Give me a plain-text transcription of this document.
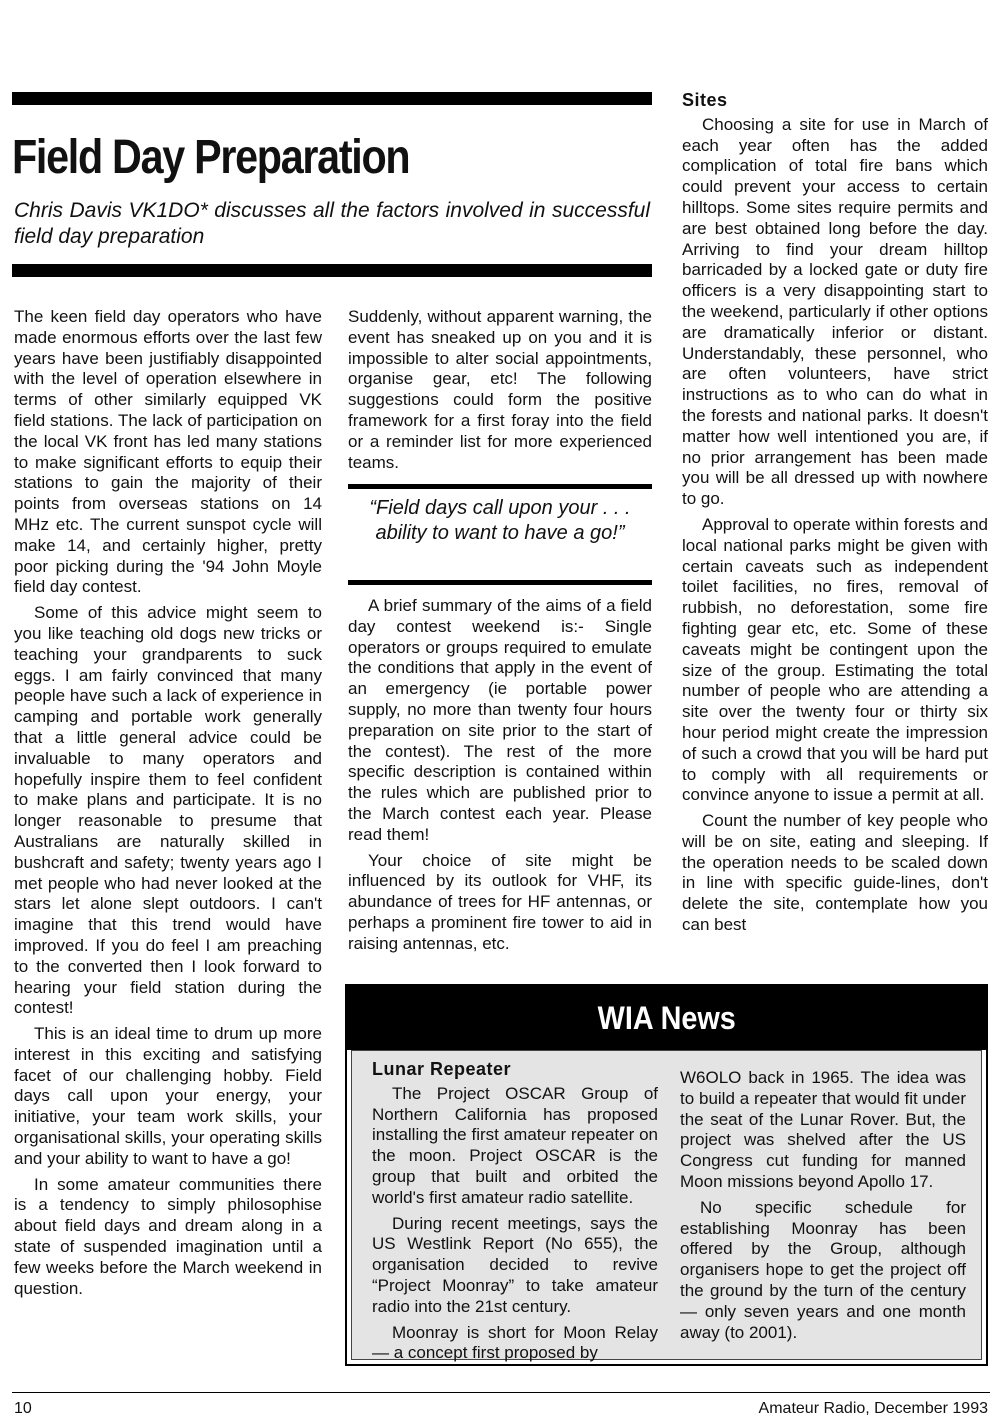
Field Day Preparation
Chris Davis VK1DO* discusses all the factors involved in successful field day preparation

The keen field day operators who have made enormous efforts over the last few years have been justifiably disappointed with the level of operation elsewhere in terms of other similarly equipped VK field stations. The lack of participation on the local VK front has led many stations to make significant efforts to equip their stations to gain the majority of their points from overseas stations on 14 MHz etc. The current sunspot cycle will make 14, and certainly higher, pretty poor picking during the '94 John Moyle field day contest.

Some of this advice might seem to you like teaching old dogs new tricks or teaching your grandparents to suck eggs. I am fairly convinced that many people have such a lack of experience in camping and portable work generally that a little general advice could be invaluable to many operators and hopefully inspire them to feel confident to make plans and participate. It is no longer reasonable to presume that Australians are naturally skilled in bushcraft and safety; twenty years ago I met people who had never looked at the stars let alone slept outdoors. I can't imagine that this trend would have improved. If you do feel I am preaching to the converted then I look forward to hearing your field station during the contest!

This is an ideal time to drum up more interest in this exciting and satisfying facet of our challenging hobby. Field days call upon your energy, your initiative, your team work skills, your organisational skills, your operating skills and your ability to want to have a go!

In some amateur communities there is a tendency to simply philosophise about field days and dream along in a state of suspended imagination until a few weeks before the March weekend in question.

Suddenly, without apparent warning, the event has sneaked up on you and it is impossible to alter social appointments, organise gear, etc! The following suggestions could form the positive framework for a first foray into the field or a reminder list for more experienced teams.

“Field days call upon your . . . ability to want to have a go!”

A brief summary of the aims of a field day contest weekend is:- Single operators or groups required to emulate the conditions that apply in the event of an emergency (ie portable power supply, no more than twenty four hours preparation on site prior to the start of the contest). The rest of the more specific description is contained within the rules which are published prior to the March contest each year. Please read them!

Your choice of site might be influenced by its outlook for VHF, its abundance of trees for HF antennas, or perhaps a prominent fire tower to aid in raising antennas, etc.

Sites

Choosing a site for use in March of each year often has the added complication of total fire bans which could prevent your access to certain hilltops. Some sites require permits and are best obtained long before the day. Arriving to find your dream hilltop barricaded by a locked gate or duty fire officers is a very disappointing start to the weekend, particularly if other options are dramatically inferior or distant. Understandably, these personnel, who are often volunteers, have strict instructions as to who can do what in the forests and national parks. It doesn't matter how well intentioned you are, if no prior arrangement has been made you will be all dressed up with nowhere to go.

Approval to operate within forests and local national parks might be given with certain caveats such as independent toilet facilities, no fires, removal of rubbish, no deforestation, some fire fighting gear etc, etc. Some of these caveats might be contingent upon the size of the group. Estimating the total number of people who are attending a site over the twenty four or thirty six hour period might create the impression of such a crowd that you will be hard put to comply with all requirements or convince anyone to issue a permit at all.

Count the number of key people who will be on site, eating and sleeping. If the operation needs to be scaled down in line with specific guide-lines, don't delete the site, contemplate how you can best

WIA News
Lunar Repeater

The Project OSCAR Group of Northern California has proposed installing the first amateur repeater on the moon. Project OSCAR is the group that built and orbited the world's first amateur radio satellite.

During recent meetings, says the US Westlink Report (No 655), the organisation decided to revive “Project Moonray” to take amateur radio into the 21st century.

Moonray is short for Moon Relay — a concept first proposed by

W6OLO back in 1965. The idea was to build a repeater that would fit under the seat of the Lunar Rover. But, the project was shelved after the US Congress cut funding for manned Moon missions beyond Apollo 17.

No specific schedule for establishing Moonray has been offered by the Group, although organisers hope to get the project off the ground by the turn of the century — only seven years and one month away (to 2001).

10	Amateur Radio, December 1993
